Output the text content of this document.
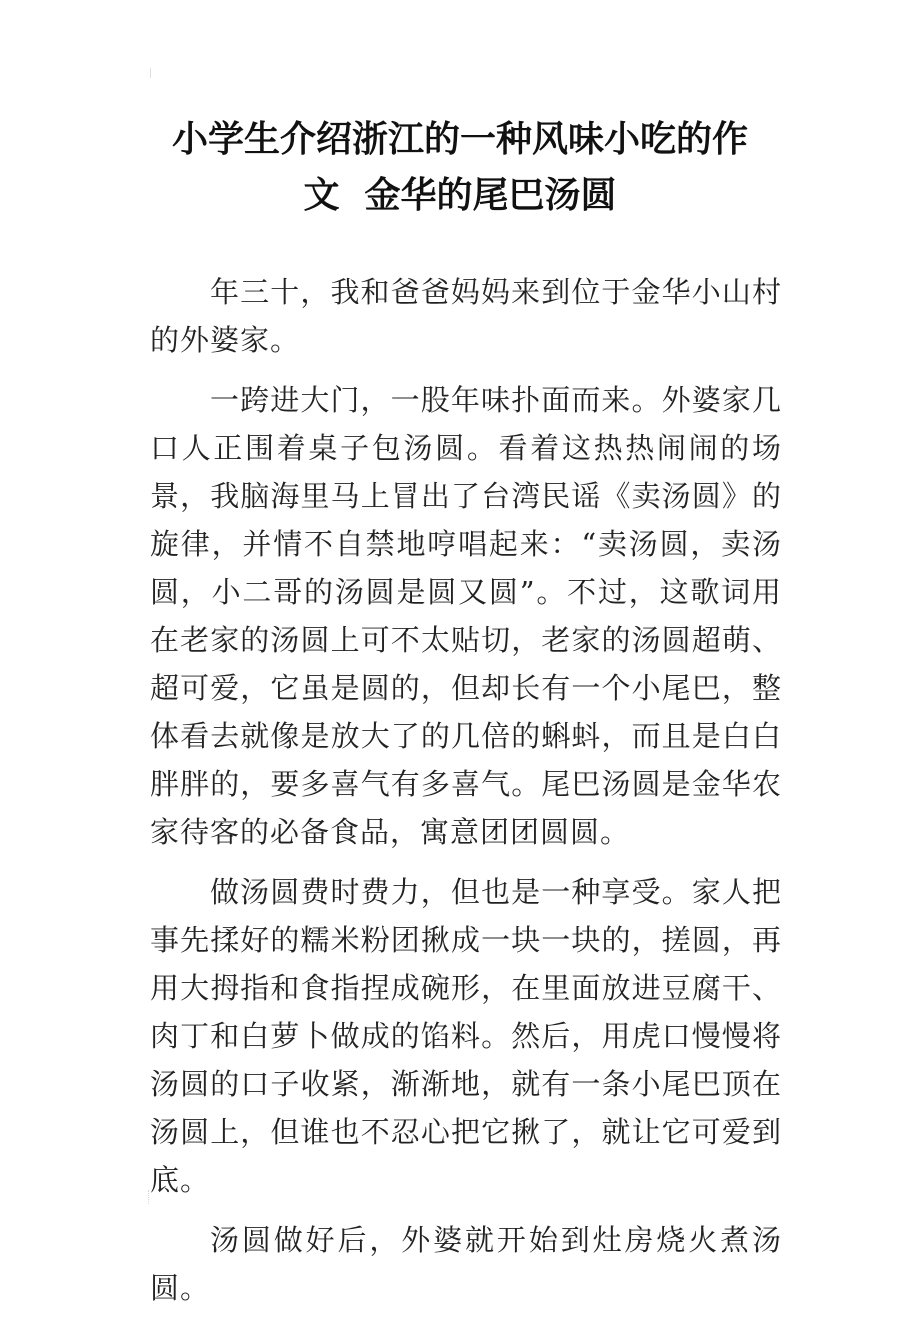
小学生介绍浙江的一种风味小吃的作
文  金华的尾巴汤圆

年三十，我和爸爸妈妈来到位于金华小山村的外婆家。

一跨进大门，一股年味扑面而来。外婆家几口人正围着桌子包汤圆。看着这热热闹闹的场景，我脑海里马上冒出了台湾民谣《卖汤圆》的旋律，并情不自禁地哼唱起来：“卖汤圆，卖汤圆，小二哥的汤圆是圆又圆”。不过，这歌词用在老家的汤圆上可不太贴切，老家的汤圆超萌、超可爱，它虽是圆的，但却长有一个小尾巴，整体看去就像是放大了的几倍的蝌蚪，而且是白白胖胖的，要多喜气有多喜气。尾巴汤圆是金华农家待客的必备食品，寓意团团圆圆。

做汤圆费时费力，但也是一种享受。家人把事先揉好的糯米粉团揪成一块一块的，搓圆，再用大拇指和食指捏成碗形，在里面放进豆腐干、肉丁和白萝卜做成的馅料。然后，用虎口慢慢将汤圆的口子收紧，渐渐地，就有一条小尾巴顶在汤圆上，但谁也不忍心把它揪了，就让它可爱到底。

汤圆做好后，外婆就开始到灶房烧火煮汤圆。
